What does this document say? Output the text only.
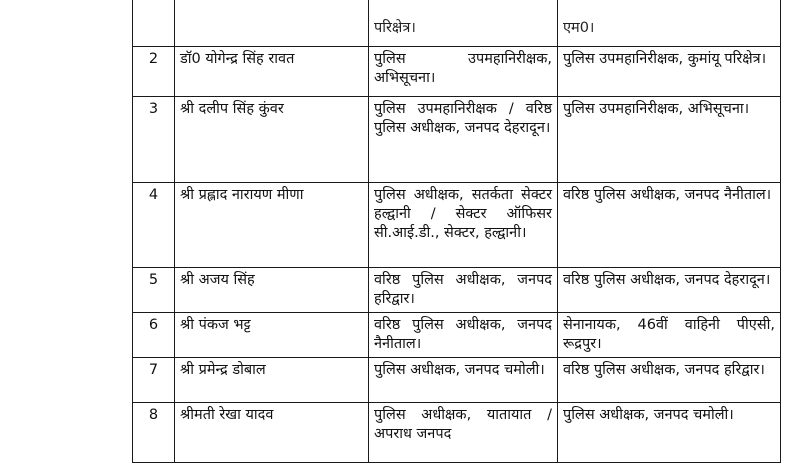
		परिक्षेत्र।	एम0।
2	डॉ0 योगेन्द्र सिंह रावत	पुलिस उपमहानिरीक्षक, अभिसूचना।	पुलिस उपमहानिरीक्षक, कुमांयू परिक्षेत्र।
3	श्री दलीप सिंह कुंवर	पुलिस उपमहानिरीक्षक / वरिष्ठ पुलिस अधीक्षक, जनपद देहरादून।	पुलिस उपमहानिरीक्षक, अभिसूचना।
4	श्री प्रह्लाद नारायण मीणा	पुलिस अधीक्षक, सतर्कता सेक्टर हल्द्वानी / सेक्टर ऑफिसर सी.आई.डी., सेक्टर, हल्द्वानी।	वरिष्ठ पुलिस अधीक्षक, जनपद नैनीताल।
5	श्री अजय सिंह	वरिष्ठ पुलिस अधीक्षक, जनपद हरिद्वार।	वरिष्ठ पुलिस अधीक्षक, जनपद देहरादून।
6	श्री पंकज भट्ट	वरिष्ठ पुलिस अधीक्षक, जनपद नैनीताल।	सेनानायक, 46वीं वाहिनी पीएसी, रूद्रपुर।
7	श्री प्रमेन्द्र डोबाल	पुलिस अधीक्षक, जनपद चमोली।	वरिष्ठ पुलिस अधीक्षक, जनपद हरिद्वार।
8	श्रीमती रेखा यादव	पुलिस अधीक्षक, यातायात / अपराध जनपद	पुलिस अधीक्षक, जनपद चमोली।
